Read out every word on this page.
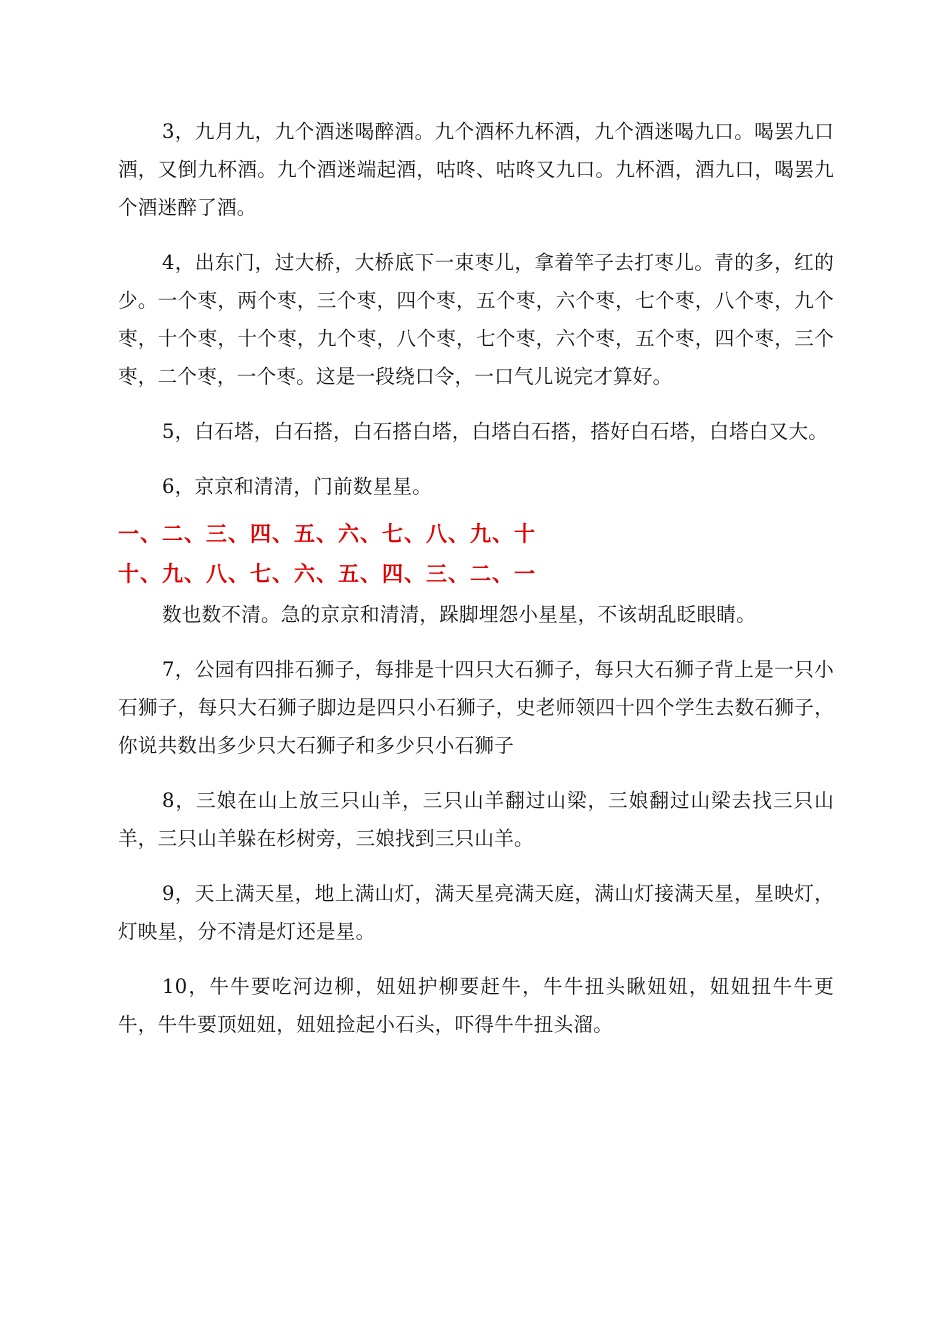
3，九月九，九个酒迷喝醉酒。九个酒杯九杯酒，九个酒迷喝九口。喝罢九口酒，又倒九杯酒。九个酒迷端起酒，咕咚、咕咚又九口。九杯酒，酒九口，喝罢九个酒迷醉了酒。

4，出东门，过大桥，大桥底下一束枣儿，拿着竿子去打枣儿。青的多，红的少。一个枣，两个枣，三个枣，四个枣，五个枣，六个枣，七个枣，八个枣，九个枣，十个枣，十个枣，九个枣，八个枣，七个枣，六个枣，五个枣，四个枣，三个枣，二个枣，一个枣。这是一段绕口令，一口气儿说完才算好。

5，白石塔，白石搭，白石搭白塔，白塔白石搭，搭好白石塔，白塔白又大。

6，京京和清清，门前数星星。

一、二、三、四、五、六、七、八、九、十

十、九、八、七、六、五、四、三、二、一

数也数不清。急的京京和清清，跺脚埋怨小星星，不该胡乱眨眼睛。

7，公园有四排石狮子，每排是十四只大石狮子，每只大石狮子背上是一只小石狮子，每只大石狮子脚边是四只小石狮子，史老师领四十四个学生去数石狮子，你说共数出多少只大石狮子和多少只小石狮子

8，三娘在山上放三只山羊，三只山羊翻过山梁，三娘翻过山梁去找三只山羊，三只山羊躲在杉树旁，三娘找到三只山羊。

9，天上满天星，地上满山灯，满天星亮满天庭，满山灯接满天星，星映灯，灯映星，分不清是灯还是星。

10，牛牛要吃河边柳，妞妞护柳要赶牛，牛牛扭头瞅妞妞，妞妞扭牛牛更牛，牛牛要顶妞妞，妞妞捡起小石头，吓得牛牛扭头溜。
